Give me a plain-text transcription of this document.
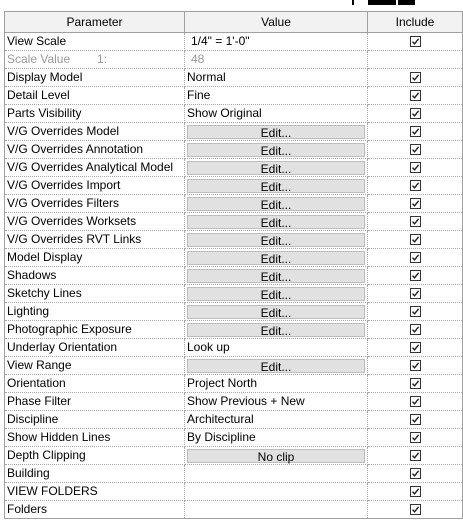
Parameter	Value	Include
View Scale	1/4" = 1'-0"	

Scale Value 1:	48	
Display Model	Normal	

Detail Level	Fine	

Parts Visibility	Show Original	

V/G Overrides Model	Edit...

V/G Overrides Annotation	Edit...

V/G Overrides Analytical Model	Edit...

V/G Overrides Import	Edit...

V/G Overrides Filters	Edit...

V/G Overrides Worksets	Edit...

V/G Overrides RVT Links	Edit...

Model Display	Edit...

Shadows	Edit...

Sketchy Lines	Edit...

Lighting	Edit...

Photographic Exposure	Edit...

Underlay Orientation	Look up	

View Range	Edit...

Orientation	Project North	

Phase Filter	Show Previous + New	

Discipline	Architectural	

Show Hidden Lines	By Discipline	

Depth Clipping	No clip

Building		

VIEW FOLDERS		

Folders		
